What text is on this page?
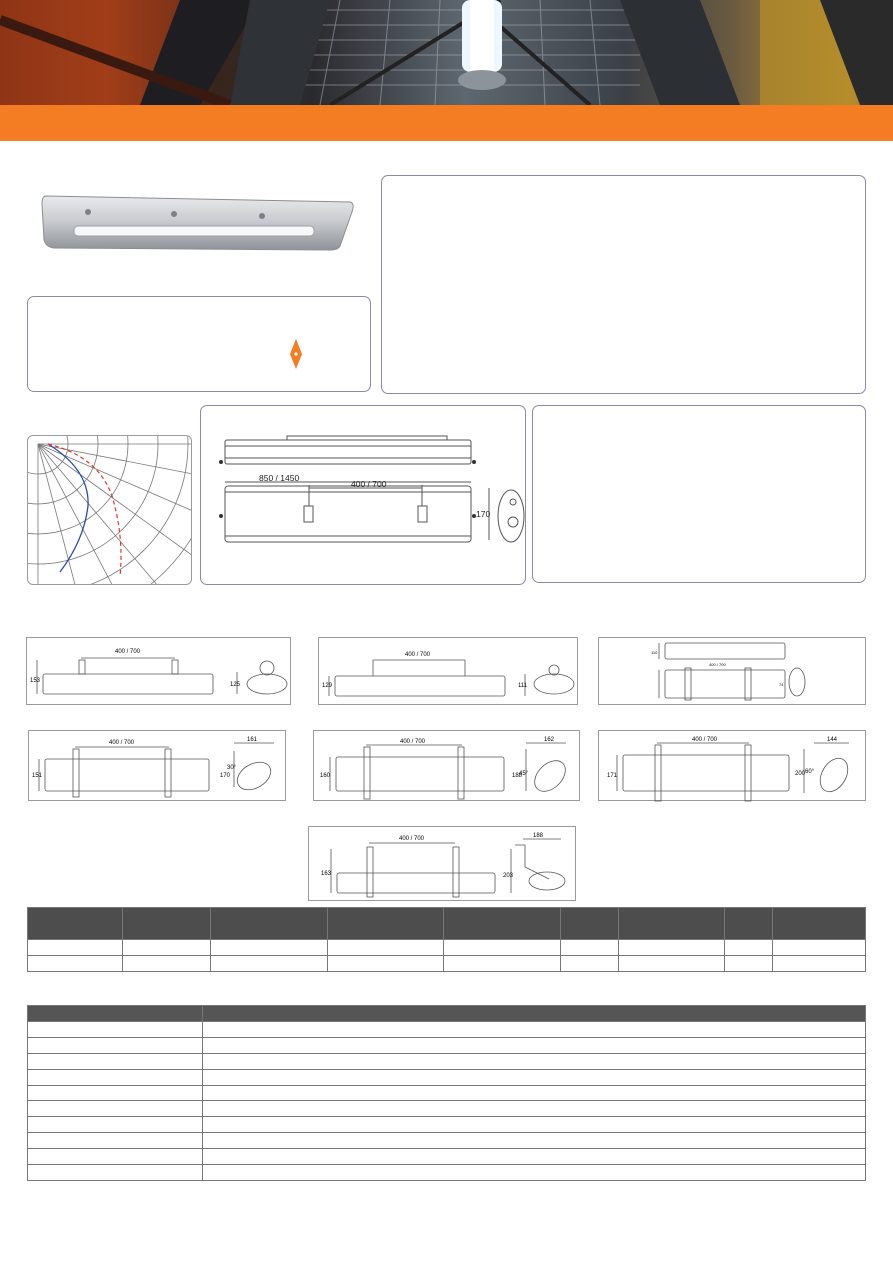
850 / 1450
400 / 700
170
400 / 700
153
125
400 / 700
129	111
400 / 700
110
74
400 / 700
151
161
170
30°
400 / 700
160
162
188
45°
400 / 700
171
144
200 60°
400 / 700
163
188
203
